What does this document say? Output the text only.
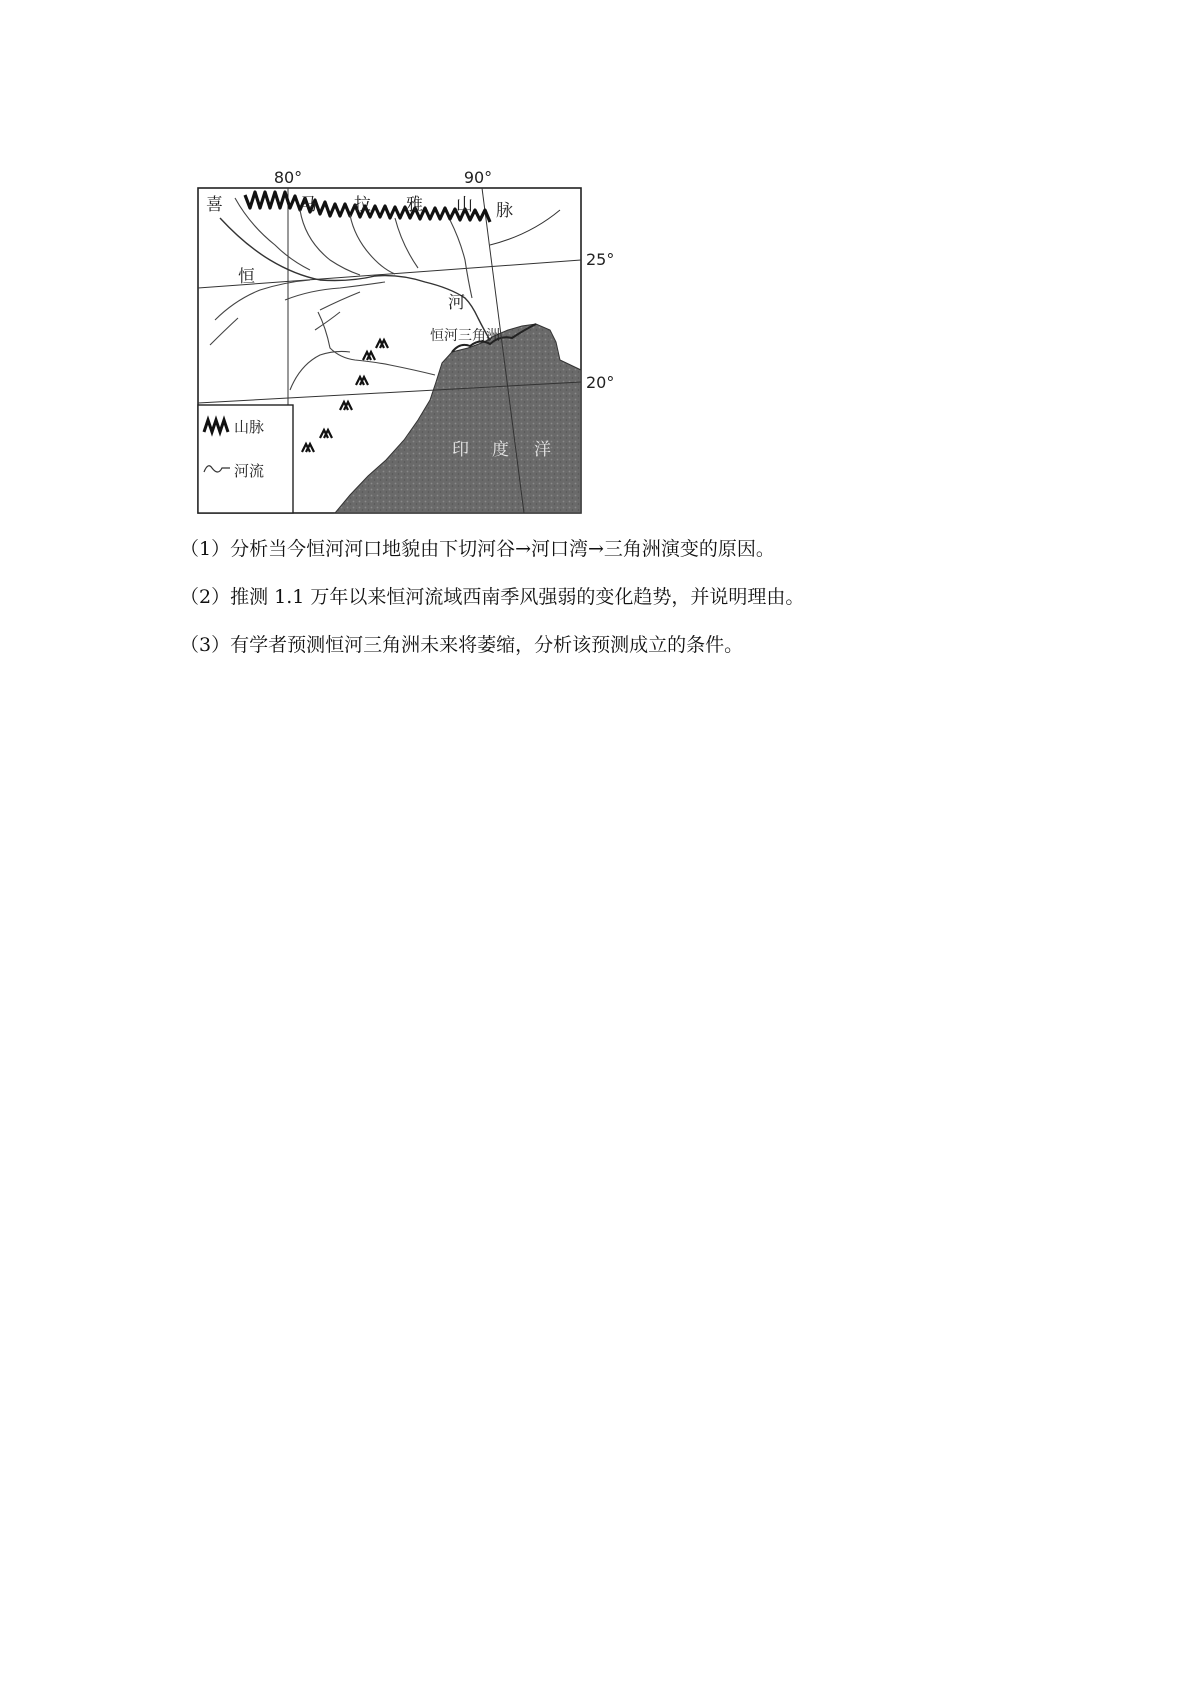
80°	90°
25°
20°
喜	马 拉 雅 山 脉
恒
河
恒河三角洲
印 度 洋
山脉
河流

（1）分析当今恒河河口地貌由下切河谷→河口湾→三角洲演变的原因。

（2）推测 1.1 万年以来恒河流域西南季风强弱的变化趋势，并说明理由。

（3）有学者预测恒河三角洲未来将萎缩，分析该预测成立的条件。
